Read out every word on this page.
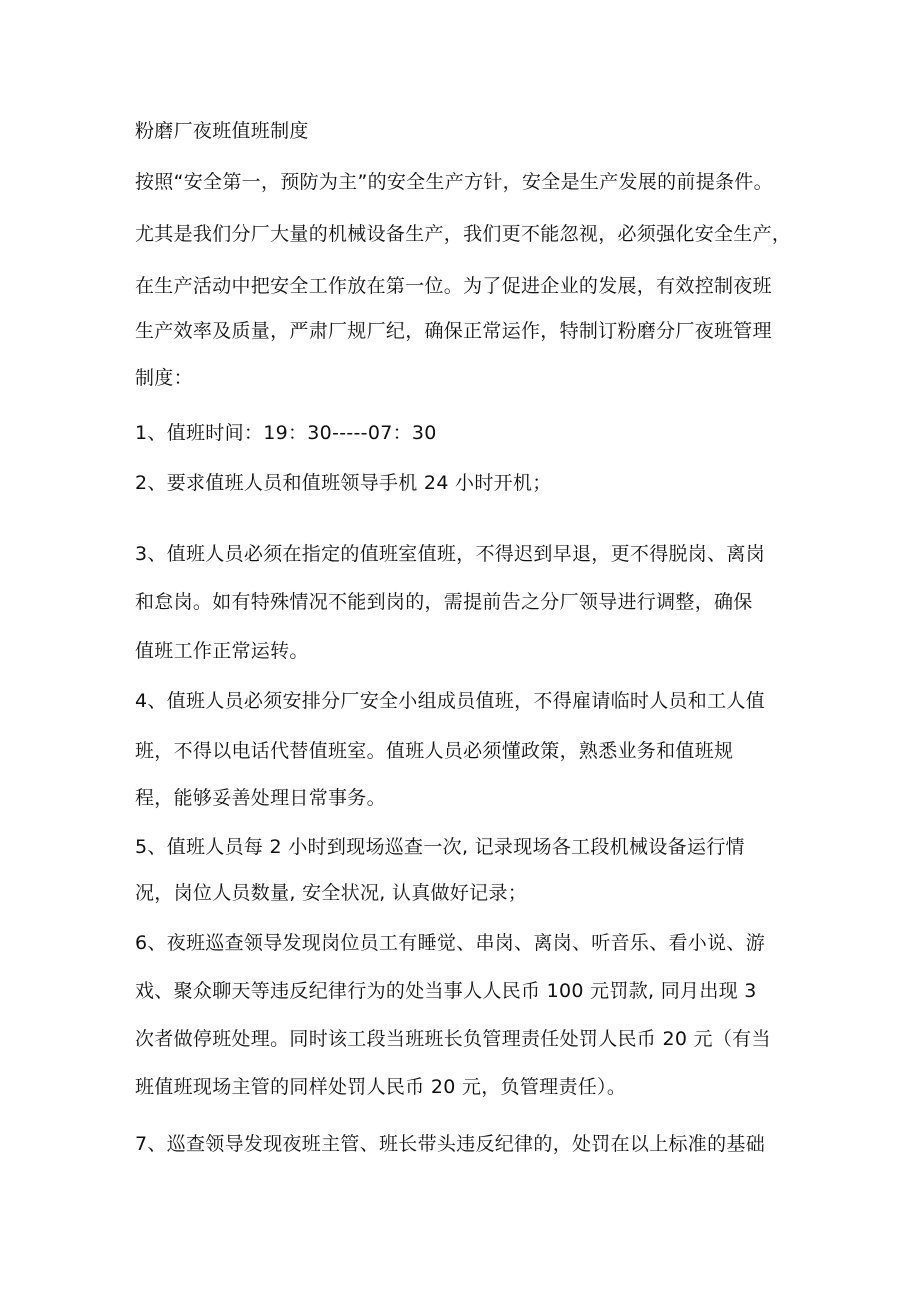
粉磨厂夜班值班制度
按照“安全第一，预防为主”的安全生产方针，安全是生产发展的前提条件。
尤其是我们分厂大量的机械设备生产，我们更不能忽视，必须强化安全生产，
在生产活动中把安全工作放在第一位。为了促进企业的发展，有效控制夜班
生产效率及质量，严肃厂规厂纪，确保正常运作，特制订粉磨分厂夜班管理
制度：
1、值班时间：19：30-----07：30
2、要求值班人员和值班领导手机 24 小时开机；
3、值班人员必须在指定的值班室值班，不得迟到早退，更不得脱岗、离岗
和怠岗。如有特殊情况不能到岗的，需提前告之分厂领导进行调整，确保
值班工作正常运转。
4、值班人员必须安排分厂安全小组成员值班，不得雇请临时人员和工人值
班，不得以电话代替值班室。值班人员必须懂政策，熟悉业务和值班规
程，能够妥善处理日常事务。
5、值班人员每 2 小时到现场巡查一次, 记录现场各工段机械设备运行情
况，岗位人员数量, 安全状况, 认真做好记录；
6、夜班巡查领导发现岗位员工有睡觉、串岗、离岗、听音乐、看小说、游
戏、聚众聊天等违反纪律行为的处当事人人民币 100 元罚款, 同月出现 3
次者做停班处理。同时该工段当班班长负管理责任处罚人民币 20 元（有当
班值班现场主管的同样处罚人民币 20 元，负管理责任）。
7、巡查领导发现夜班主管、班长带头违反纪律的，处罚在以上标准的基础
